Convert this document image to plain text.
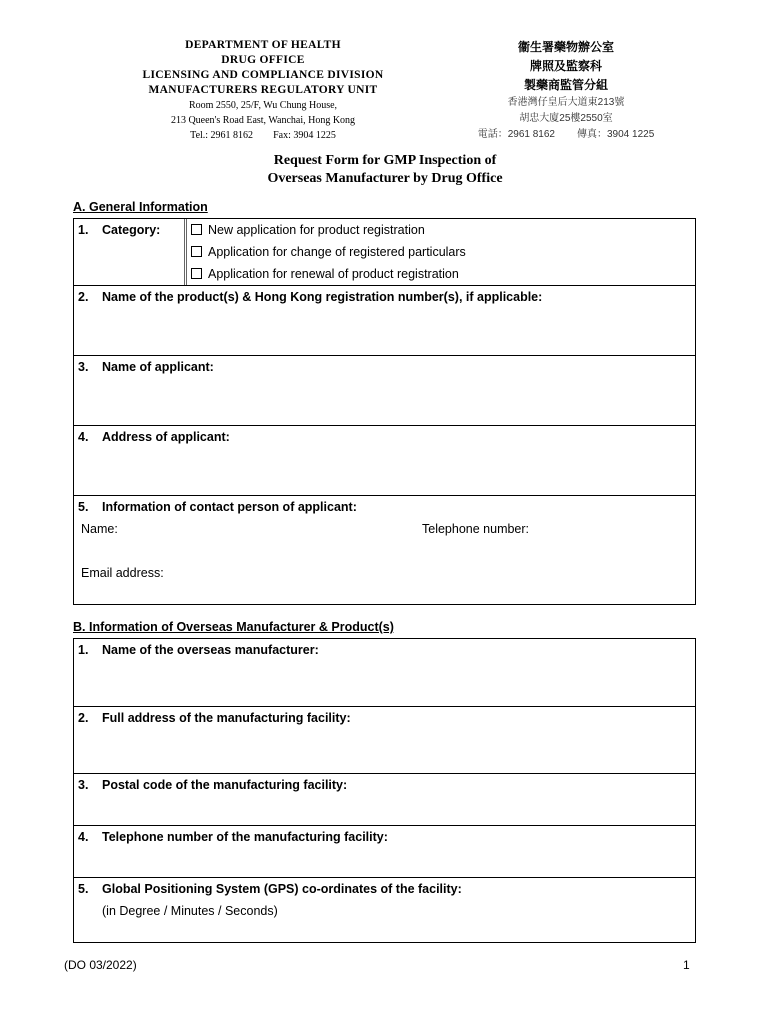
DEPARTMENT OF HEALTH
DRUG OFFICE
LICENSING AND COMPLIANCE DIVISION
MANUFACTURERS REGULATORY UNIT
Room 2550, 25/F, Wu Chung House,
213 Queen's Road East, Wanchai, Hong Kong
Tel.: 2961 8162 Fax: 3904 1225
衞生署藥物辦公室
牌照及監察科
製藥商監管分組
香港灣仔皇后大道東213號
胡忠大廈25樓2550室
電話：2961 8162 傳真：3904 1225
Request Form for GMP Inspection of
Overseas Manufacturer by Drug Office
A. General Information
1. Category:	New application for product registration
Application for change of registered particulars
Application for renewal of product registration
2. Name of the product(s) & Hong Kong registration number(s), if applicable:
3. Name of applicant:
4. Address of applicant:
5. Information of contact person of applicant:
Name:	Telephone number:
Email address:
B. Information of Overseas Manufacturer & Product(s)
1. Name of the overseas manufacturer:
2. Full address of the manufacturing facility:
3. Postal code of the manufacturing facility:
4. Telephone number of the manufacturing facility:
5. Global Positioning System (GPS) co-ordinates of the facility:
(in Degree / Minutes / Seconds)
(DO 03/2022)	1
